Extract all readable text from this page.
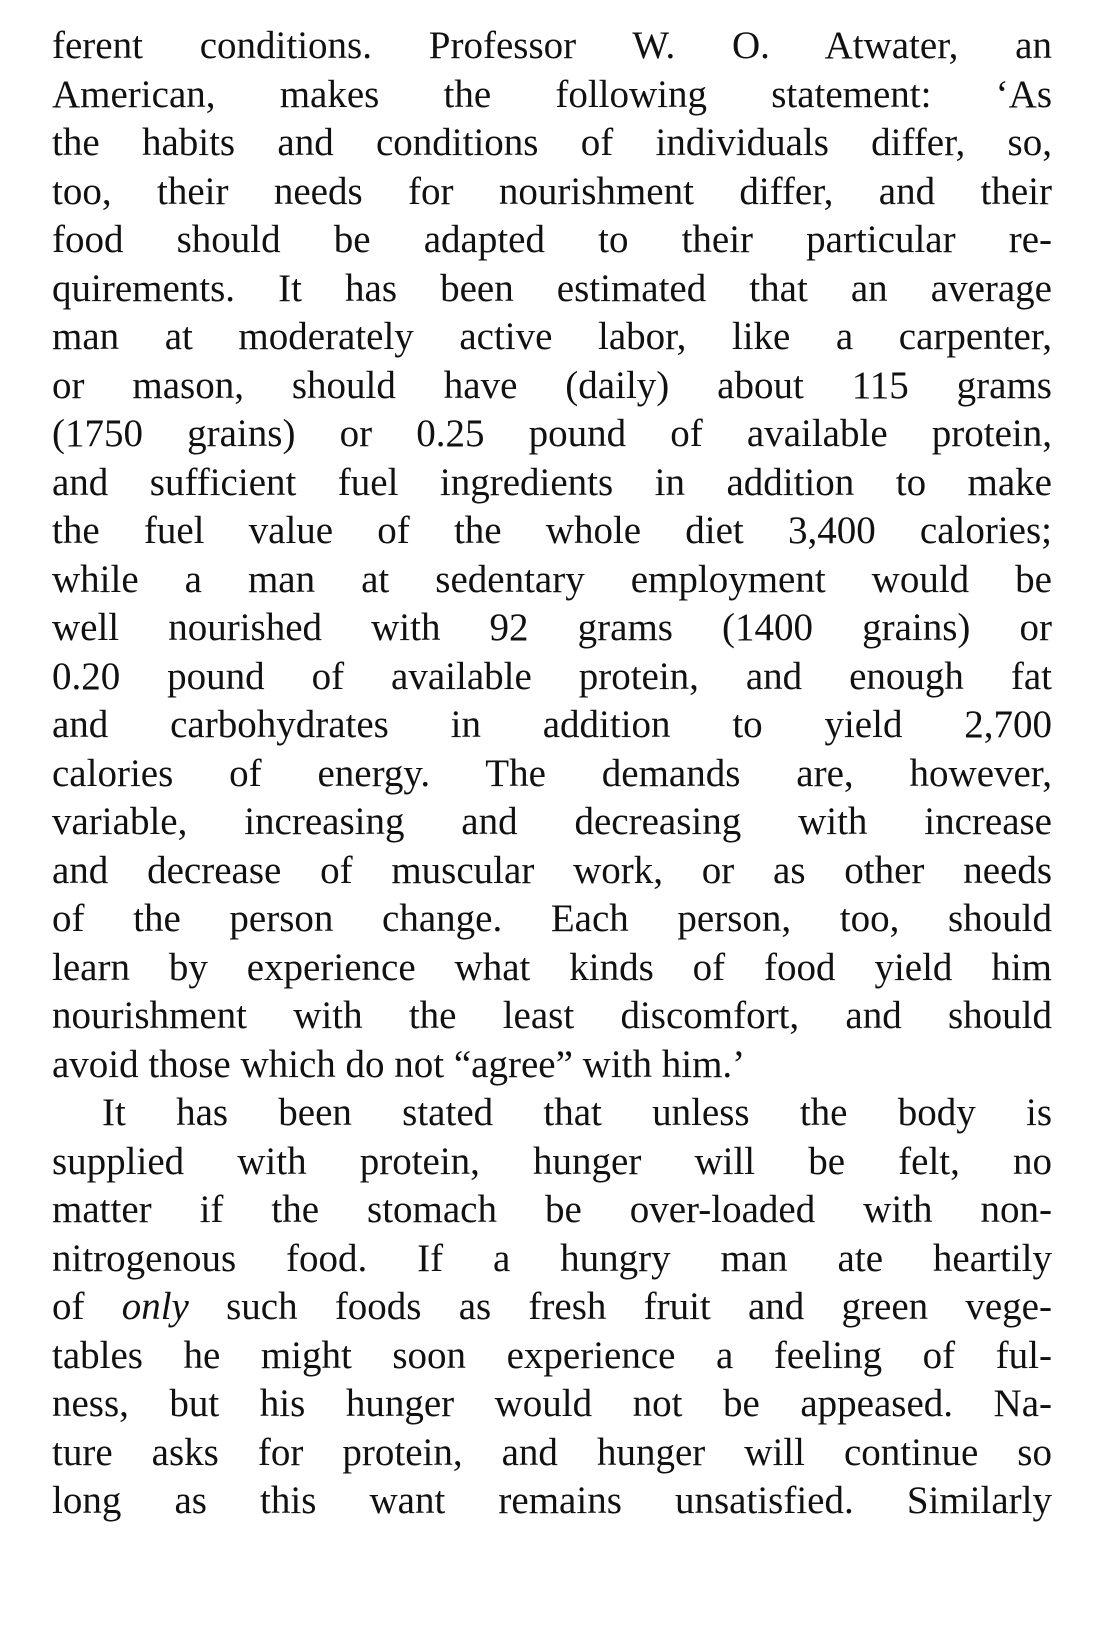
ferent conditions. Professor W. O. Atwater, an
American, makes the following statement: ‘As
the habits and conditions of individuals differ, so,
too, their needs for nourishment differ, and their
food should be adapted to their particular re-
quirements. It has been estimated that an average
man at moderately active labor, like a carpenter,
or mason, should have (daily) about 115 grams
(1750 grains) or 0.25 pound of available protein,
and sufficient fuel ingredients in addition to make
the fuel value of the whole diet 3,400 calories;
while a man at sedentary employment would be
well nourished with 92 grams (1400 grains) or
0.20 pound of available protein, and enough fat
and carbohydrates in addition to yield 2,700
calories of energy. The demands are, however,
variable, increasing and decreasing with increase
and decrease of muscular work, or as other needs
of the person change. Each person, too, should
learn by experience what kinds of food yield him
nourishment with the least discomfort, and should
avoid those which do not “agree” with him.’
It has been stated that unless the body is
supplied with protein, hunger will be felt, no
matter if the stomach be over-loaded with non-
nitrogenous food. If a hungry man ate heartily
of only such foods as fresh fruit and green vege-
tables he might soon experience a feeling of ful-
ness, but his hunger would not be appeased. Na-
ture asks for protein, and hunger will continue so
long as this want remains unsatisfied. Similarly
